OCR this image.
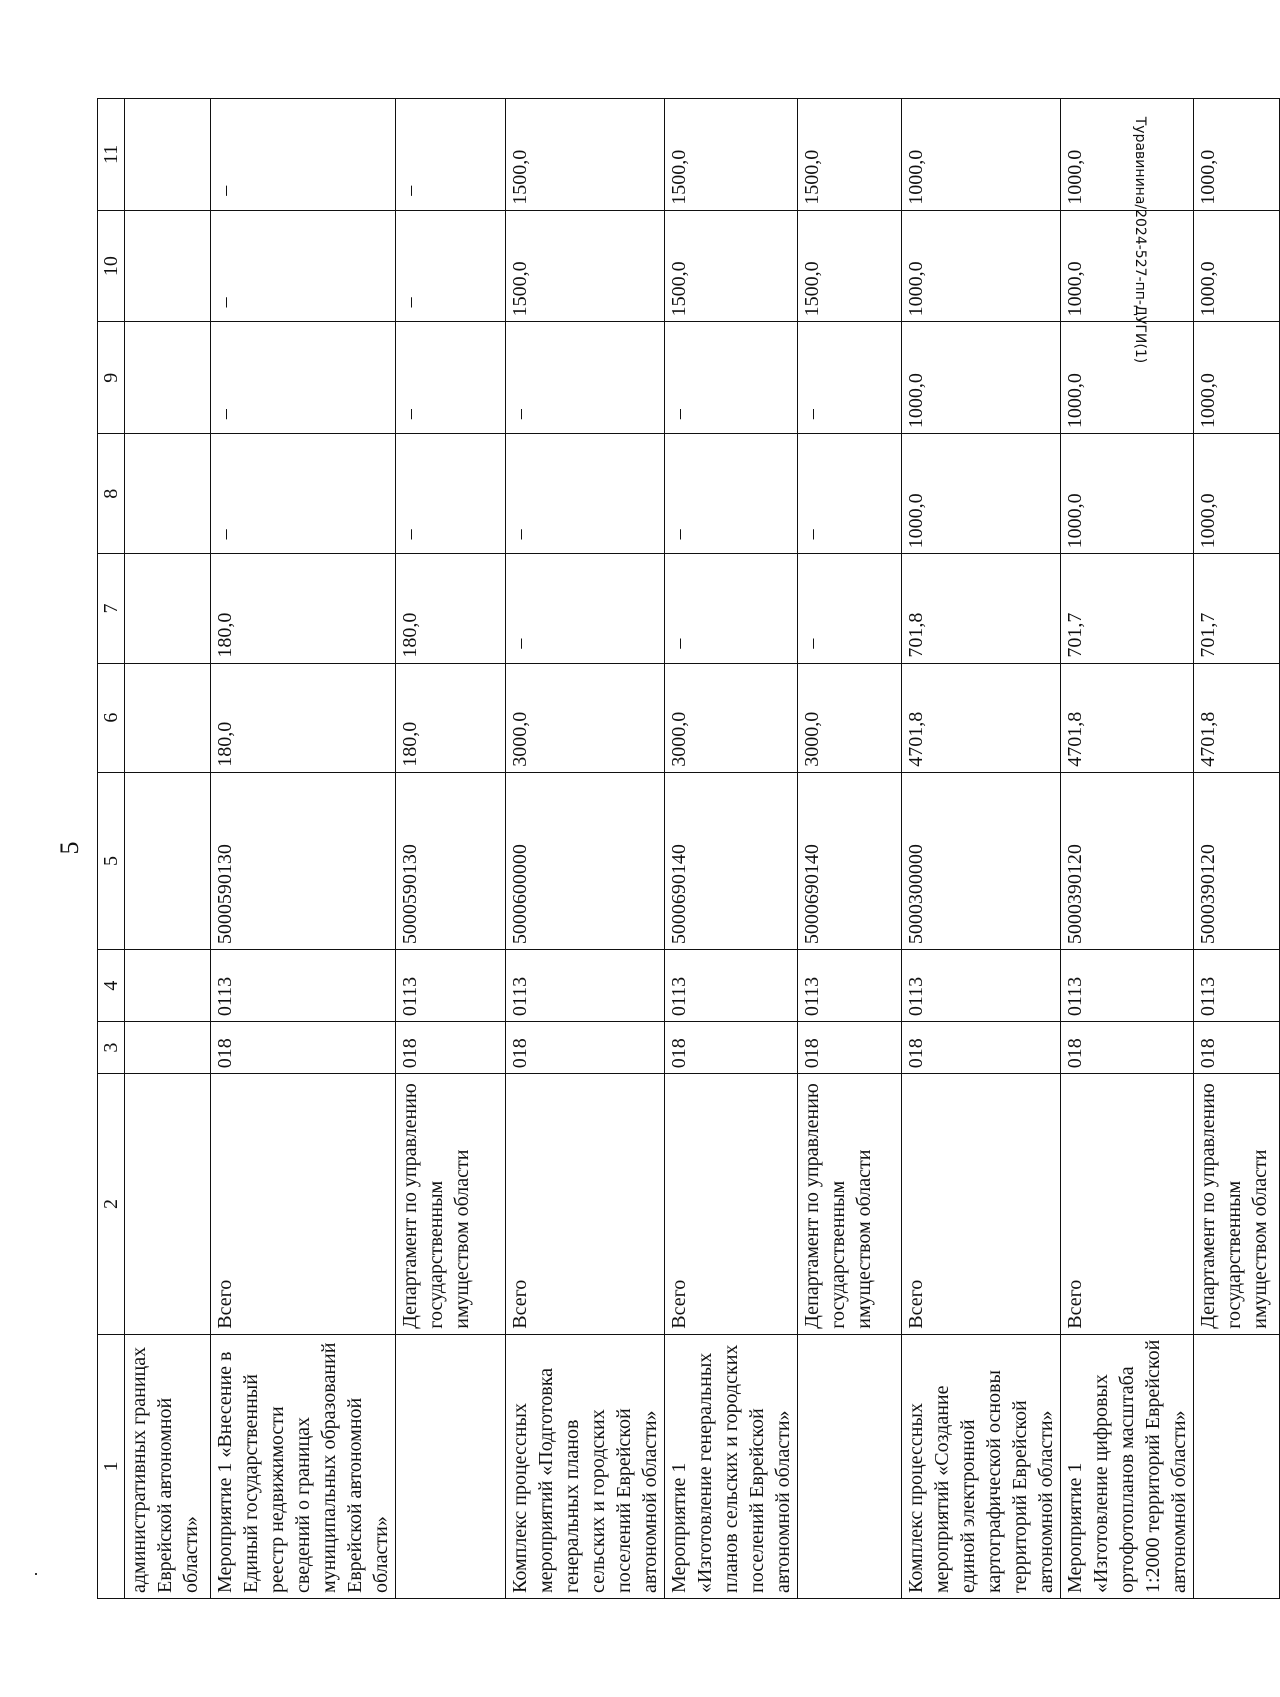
5
Туравинина/2024-527-пп-ДУГИ(1)
1	2	3	4	5	6	7	8	9	10	11
административных границах Еврейской автономной области»										
Мероприятие 1 «Внесение в Единый государственный реестр недвижимости сведений о границах муниципальных образований Еврейской автономной области»	Всего	018	0113	5000590130	180,0	180,0	–	–	–	–
	Департамент по управлению государственным имуществом области	018	0113	5000590130	180,0	180,0	–	–	–	–
Комплекс процессных мероприятий «Подготовка генеральных планов сельских и городских поселений Еврейской автономной области»	Всего	018	0113	5000600000	3000,0	–	–	–	1500,0	1500,0
Мероприятие 1 «Изготовление генеральных планов сельских и городских поселений Еврейской автономной области»	Всего	018	0113	5000690140	3000,0	–	–	–	1500,0	1500,0
	Департамент по управлению государственным имуществом области	018	0113	5000690140	3000,0	–	–	–	1500,0	1500,0
Комплекс процессных мероприятий «Создание единой электронной картографической основы территорий Еврейской автономной области»	Всего	018	0113	5000300000	4701,8	701,8	1000,0	1000,0	1000,0	1000,0
Мероприятие 1 «Изготовление цифровых ортофотопланов масштаба 1:2000 территорий Еврейской автономной области»	Всего	018	0113	5000390120	4701,8	701,7	1000,0	1000,0	1000,0	1000,0
	Департамент по управлению государственным имуществом области	018	0113	5000390120	4701,8	701,7	1000,0	1000,0	1000,0	1000,0
